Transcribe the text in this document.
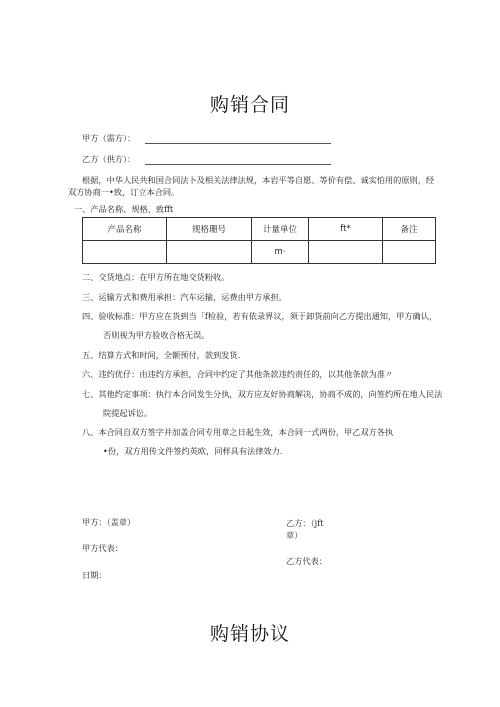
购销合同
甲方（需方）：
乙方（供方）：
根据，中华人民共和国合同法卜及相关法律法规，本岩平等自愿、等价有偿、诚实怕用的原则，经
双方协商一•致，订立本合同。
一、产品名称、规格、致fft
产品名称	规格珊号	计量单位	ft*	备注
		m·		
二、交货地点：在甲方所在地交货粉收。
三、运输方式和费用承担：汽车运输，运费由甲方承担。
四、验收标准：甲方应在货到当「f检验，若有依录界议，须于卸货前向乙方提出通知，甲方确认，
否则视为甲方验收合格无误。
五、结算方式和时间，全额预付，款到发货.
六、违约优仔：由违约方承担，合同中约定了其他条款违约责任的，以其他条款为准〃
七、其他约定事项：执行本合同发生分执，双方应友好协商解决，协商不成的，向签约所在地人民法
院提起诉讼。
八、本合同自双方签字并加盖合同专用章之日起生效，本合同一式两份，甲乙双方各执
•份，双方用传文件签约英欧，同样具有法律效力.
甲方：（盖章）	乙方：（jft
章）
甲方代表：
乙方代表：
日期：
购销协议
